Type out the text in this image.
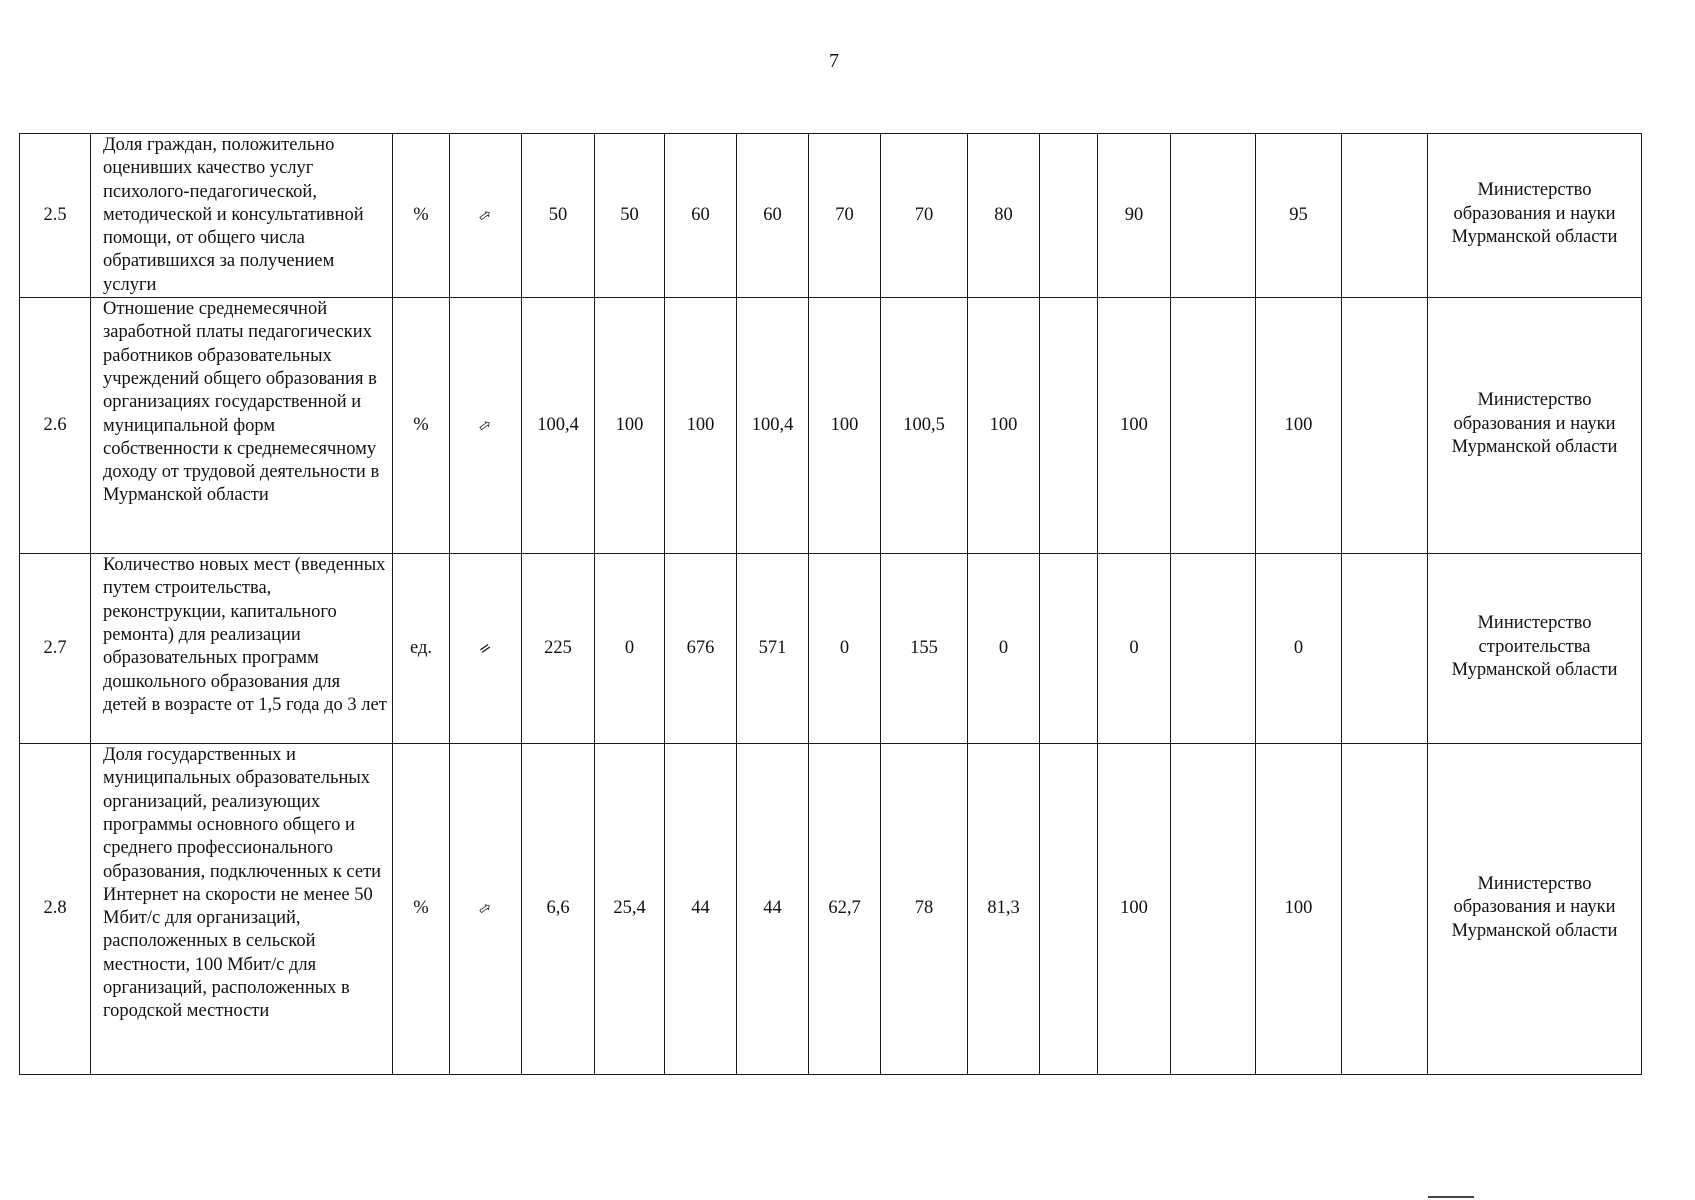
7
2.5	Доля граждан, положительно оценивших качество услуг психолого-педагогической, методической и консультативной помощи, от общего числа обратившихся за получением услуги	%	⇨	50	50	60	60	70	70	80		90		95		Министерство образования и науки Мурманской области
2.6	Отношение среднемесячной заработной платы педагогических работников образовательных учреждений общего образования в организациях государственной и муниципальной форм собственности к среднемесячному доходу от трудовой деятельности в Мурманской области	%	⇨	100,4	100	100	100,4	100	100,5	100		100		100		Министерство образования и науки Мурманской области
2.7	Количество новых мест (введенных путем строительства, реконструкции, капитального ремонта) для реализации образовательных программ дошкольного образования для детей в возрасте от 1,5 года до 3 лет	ед.	=	225	0	676	571	0	155	0		0		0		Министерство строительства Мурманской области
2.8	Доля государственных и муниципальных образовательных организаций, реализующих программы основного общего и среднего профессионального образования, подключенных к сети Интернет на скорости не менее 50 Мбит/с для организаций, расположенных в сельской местности, 100 Мбит/с для организаций, расположенных в городской местности	%	⇨	6,6	25,4	44	44	62,7	78	81,3		100		100		Министерство образования и науки Мурманской области
